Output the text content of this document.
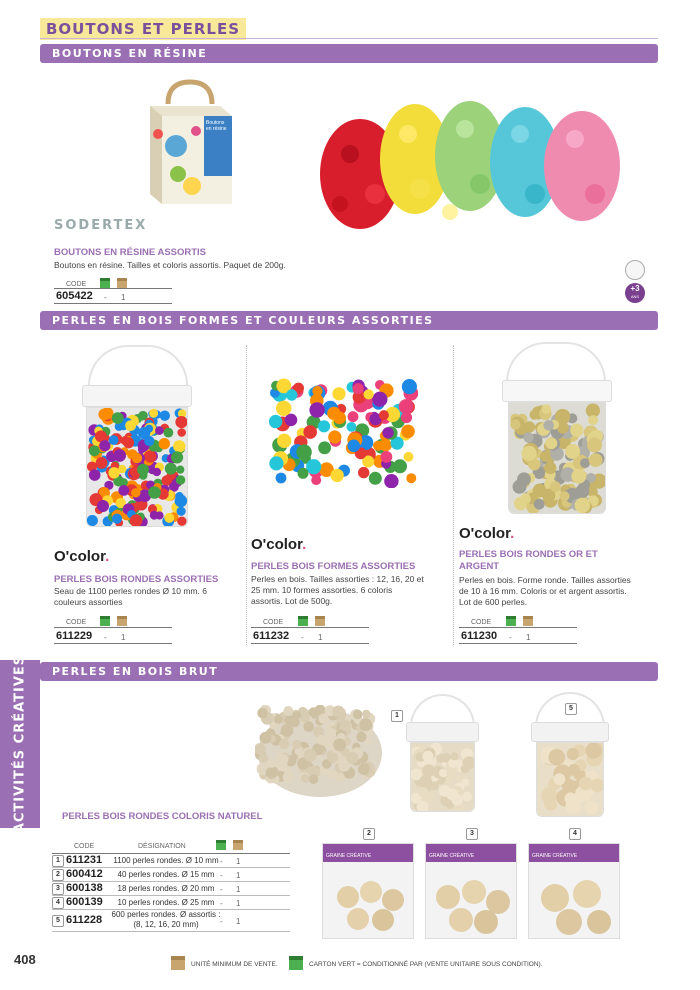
BOUTONS ET PERLES
BOUTONS EN RÉSINE
Boutons en résine
SODERTEX
BOUTONS EN RÉSINE ASSORTIS
Boutons en résine. Tailles et coloris assortis. Paquet de 200g.
CODE
605422 - 1
+3
ANS
PERLES EN BOIS FORMES ET COULEURS ASSORTIES
O'color.
PERLES BOIS RONDES ASSORTIES
Seau de 1100 perles rondes Ø 10 mm. 6 couleurs assorties
CODE
611229 - 1
O'color.
PERLES BOIS FORMES ASSORTIES
Perles en bois. Tailles assorties : 12, 16, 20 et 25 mm. 10 formes assorties. 6 coloris assortis. Lot de 500g.
CODE
611232 - 1
O'color.
PERLES BOIS RONDES OR ET ARGENT
Perles en bois. Forme ronde. Tailles assorties de 10 à 16 mm. Coloris or et argent assortis. Lot de 600 perles.
CODE
611230 - 1
ACTIVITÉS CRÉATIVES	PERLES EN BOIS BRUT
1
5
PERLES BOIS RONDES COLORIS NATUREL
CODE	DÉSIGNATION
1 611231	1100 perles rondes. Ø 10 mm - 1
2 600412	40 perles rondes. Ø 15 mm - 1
3 600138	18 perles rondes. Ø 20 mm - 1
4 600139	10 perles rondes. Ø 25 mm - 1
5 611228	600 perles rondes. Ø assortis : (8, 12, 16, 20 mm)	- 1
2	3	4
GRAINE CRÉATIVE	GRAINE CRÉATIVE	GRAINE CRÉATIVE
408	UNITÉ MINIMUM DE VENTE.	CARTON VERT = CONDITIONNÉ PAR (VENTE UNITAIRE SOUS CONDITION).
